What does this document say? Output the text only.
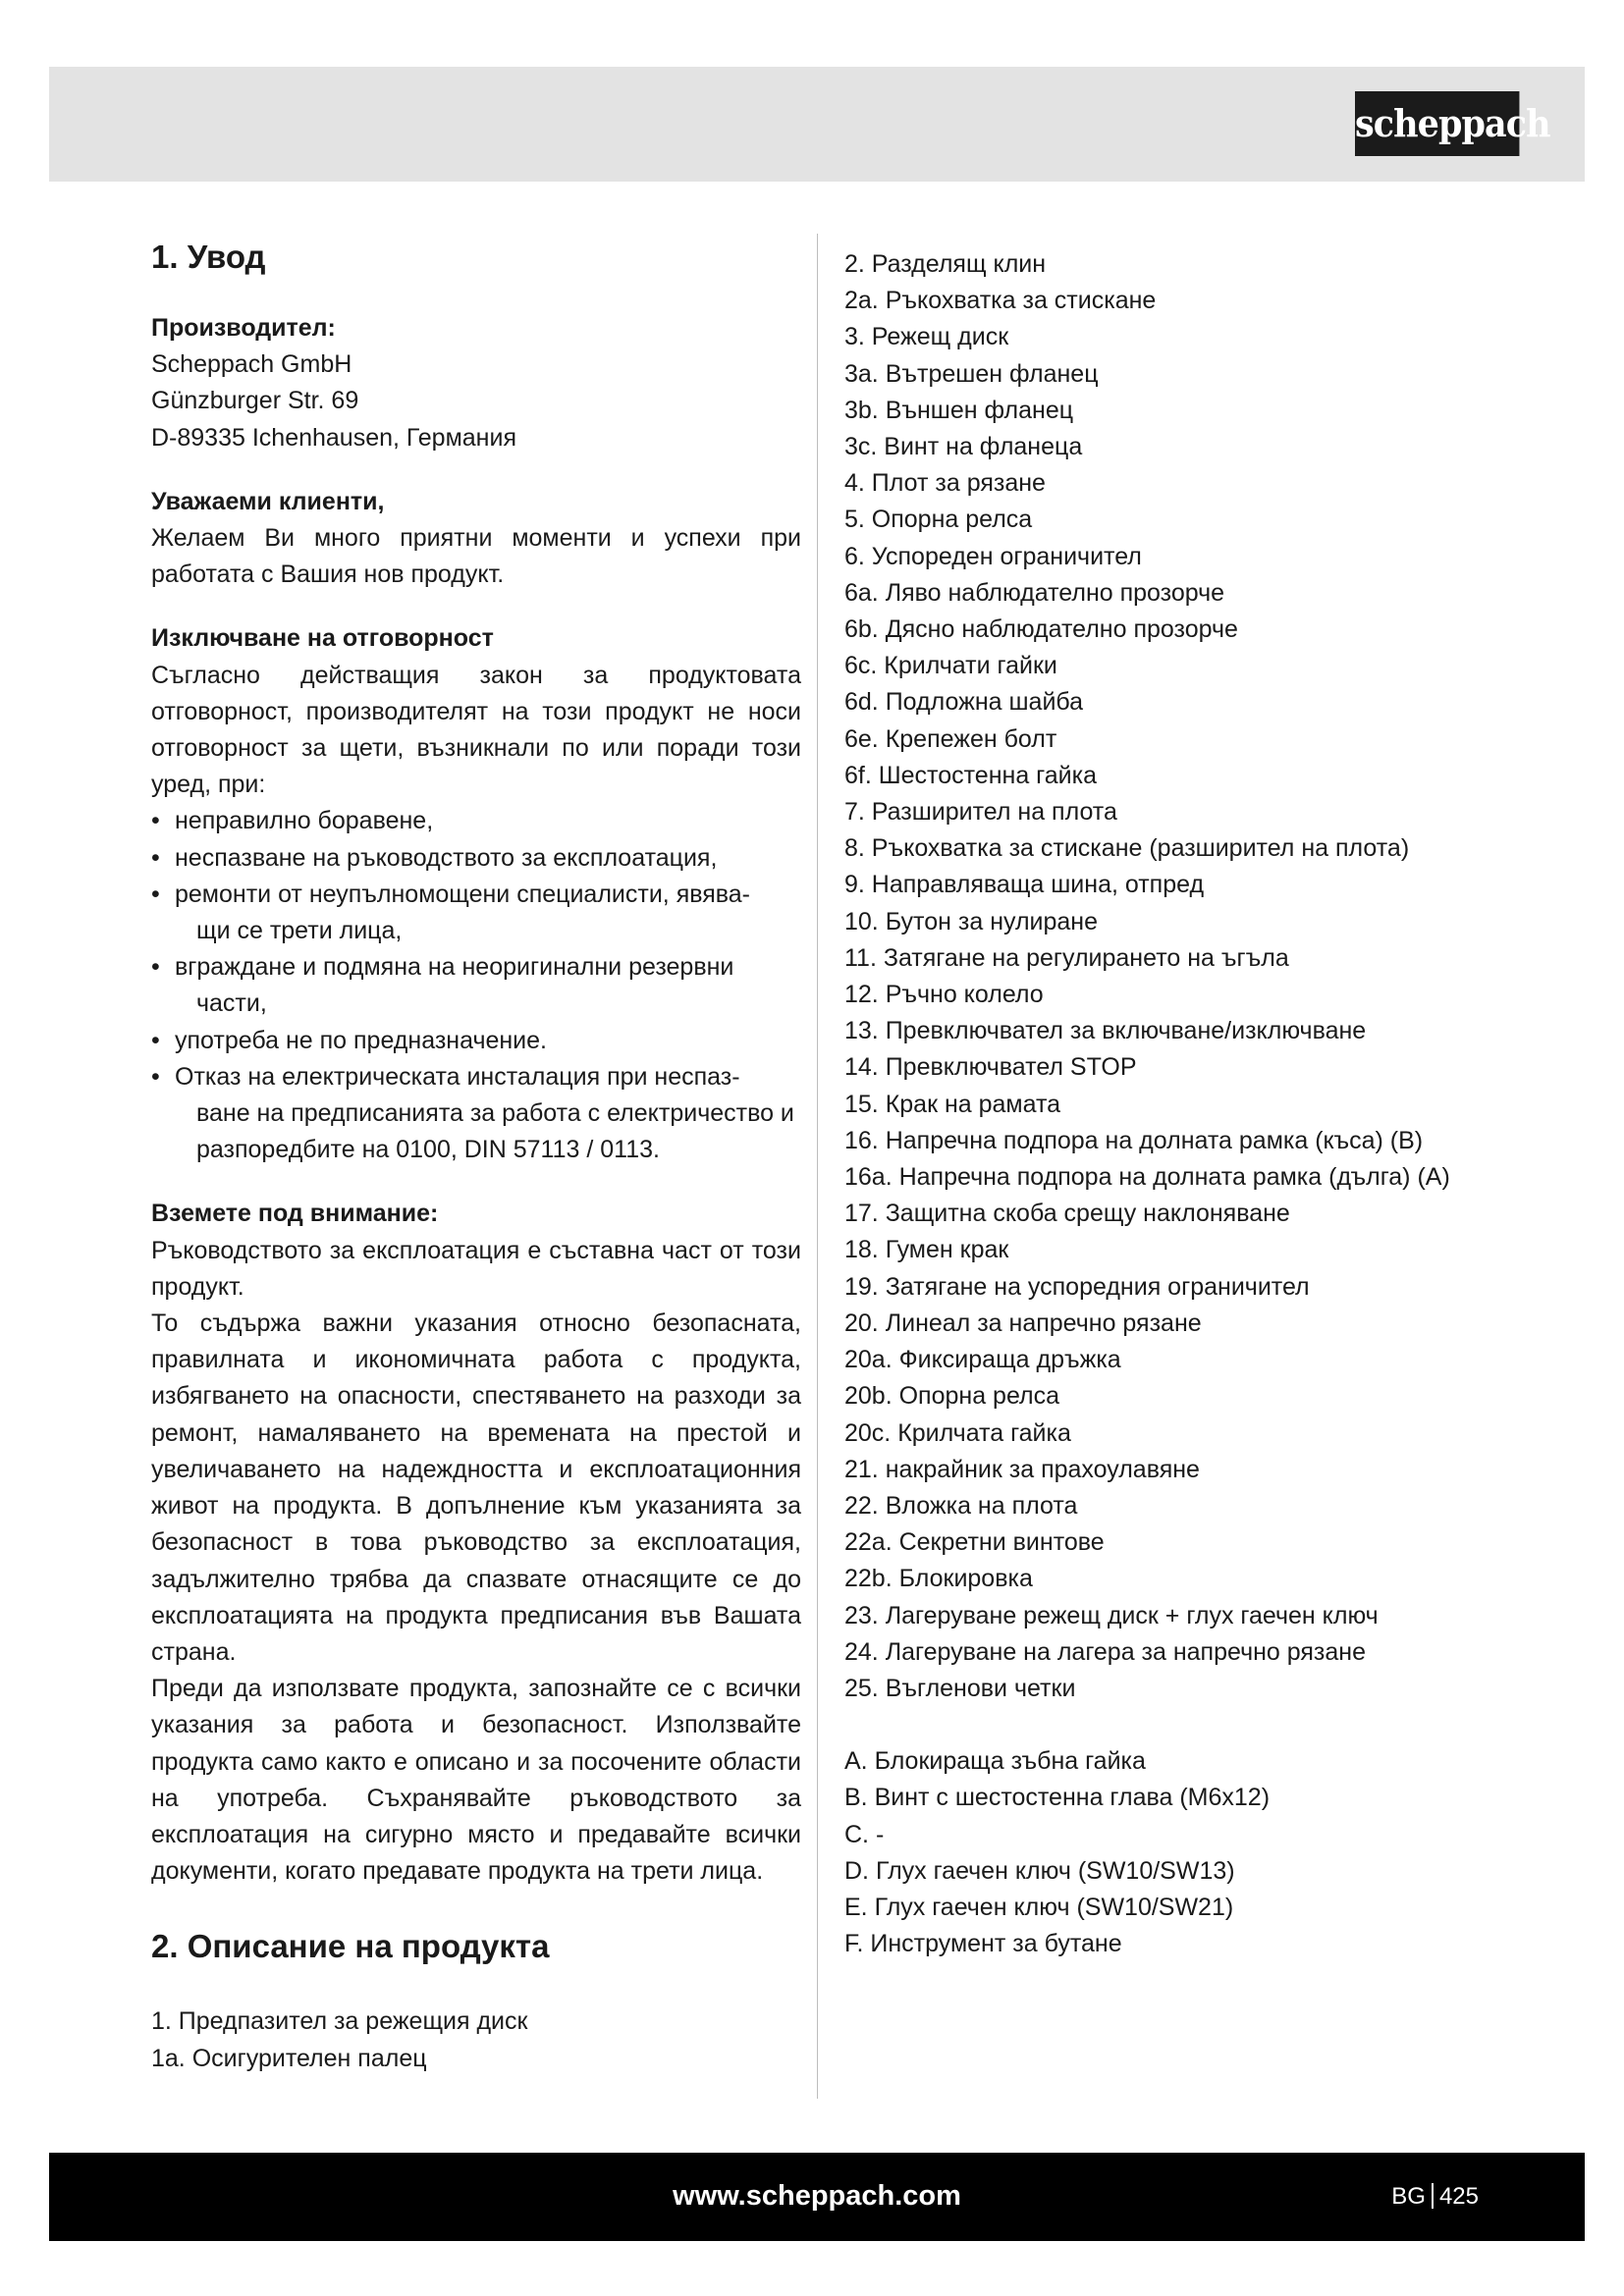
scheppach
1. Увод

Производител:

Scheppach GmbH

Günzburger Str. 69

D-89335 Ichenhausen, Германия

Уважаеми клиенти,

Желаем Ви много приятни моменти и успехи при работата с Вашия нов продукт.

Изключване на отговорност

Съгласно действащия закон за продуктовата отговорност, производителят на този продукт не носи отговорност за щети, възникнали по или поради този уред, при:

• неправилно боравене,
• неспазване на ръководството за експлоатация,
• ремонти от неупълномощени специалисти, явява-
щи се трети лица,
• вграждане и подмяна на неоригинални резервни
части,
• употреба не по предназначение.
• Отказ на електрическата инсталация при неспаз-
ване на предписанията за работа с електричество и разпоредбите на 0100, DIN 57113 / 0113.

Вземете под внимание:

Ръководството за експлоатация е съставна част от този продукт.

То съдържа важни указания относно безопасната, правилната и икономичната работа с продукта, избягването на опасности, спестяването на разходи за ремонт, намаляването на времената на престой и увеличаването на надеждността и експлоатационния живот на продукта. В допълнение към указанията за безопасност в това ръководство за експлоатация, задължително трябва да спазвате отнасящите се до експлоатацията на продукта предписания във Вашата страна.

Преди да използвате продукта, запознайте се с всички указания за работа и безопасност. Използвайте продукта само както е описано и за посочените области на употреба. Съхранявайте ръководството за експлоатация на сигурно място и предавайте всички документи, когато предавате продукта на трети лица.

2. Описание на продукта

1. Предпазител за режещия диск

1а. Осигурителен палец

2. Разделящ клин
2а. Ръкохватка за стискане
3. Режещ диск
3а. Вътрешен фланец
3b. Външен фланец
3c. Винт на фланеца
4. Плот за рязане
5. Опорна релса
6. Успореден ограничител
6а. Ляво наблюдателно прозорче
6b. Дясно наблюдателно прозорче
6c. Крилчати гайки
6d. Подложна шайба
6e. Крепежен болт
6f. Шестостенна гайка
7. Разширител на плота
8. Ръкохватка за стискане (разширител на плота)
9. Направляваща шина, отпред
10. Бутон за нулиране
11. Затягане на регулирането на ъгъла
12. Ръчно колело
13. Превключвател за включване/изключване
14. Превключвател STOP
15. Крак на рамата
16. Напречна подпора на долната рамка (къса) (B)
16а. Напречна подпора на долната рамка (дълга) (A)
17. Защитна скоба срещу наклоняване
18. Гумен крак
19. Затягане на успоредния ограничител
20. Линеал за напречно рязане
20а. Фиксираща дръжка
20b. Опорна релса
20c. Крилчата гайка
21. накрайник за прахоулавяне
22. Вложка на плота
22а. Секретни винтове
22b. Блокировка
23. Лагеруване режещ диск + глух гаечен ключ
24. Лагеруване на лагера за напречно рязане
25. Въгленови четки
A. Блокираща зъбна гайка
B. Винт с шестостенна глава (M6x12)
C. -
D. Глух гаечен ключ (SW10/SW13)
E. Глух гаечен ключ (SW10/SW21)
F. Инструмент за бутане
www.scheppach.com	BG 425
